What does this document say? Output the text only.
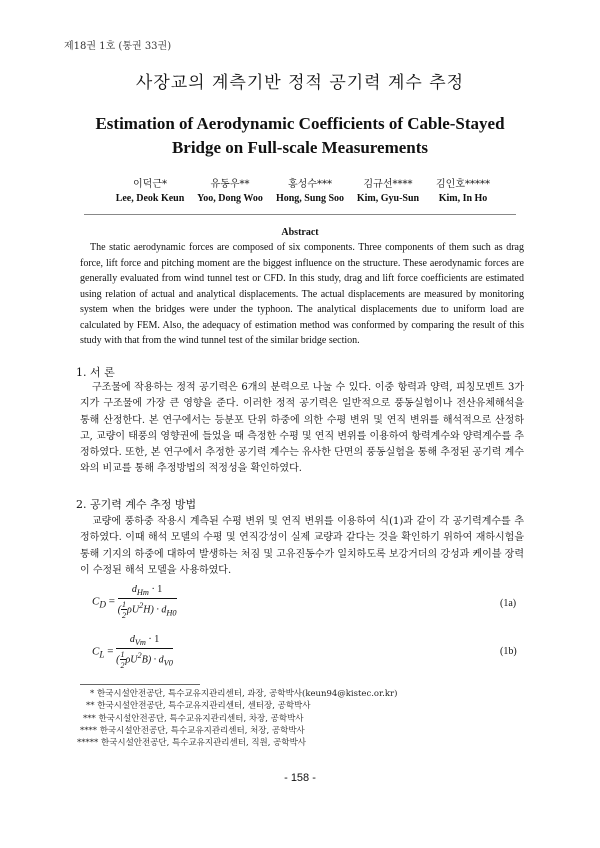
제18권 1호 (통권 33권)
사장교의 계측기반 정적 공기력 계수 추정
Estimation of Aerodynamic Coefficients of Cable-Stayed
Bridge on Full-scale Measurements
이덕근*
Lee, Deok Keun
유동우**
Yoo, Dong Woo
홍성수***
Hong, Sung Soo
김규선****
Kim, Gyu-Sun
김인호*****
Kim, In Ho
Abstract
The static aerodynamic forces are composed of six components. Three components of them such as drag force, lift force and pitching moment are the biggest influence on the structure. These aerodynamic forces are generally evaluated from wind tunnel test or CFD. In this study, drag and lift force coefficients are estimated using relation of actual and analytical displacements. The actual displacements are measured by monitoring system when the bridges were under the typhoon. The analytical displacements due to uniform load are calculated by FEM. Also, the adequacy of estimation method was conformed by comparing the result of this study with that from the wind tunnel test of the similar bridge section.
1. 서 론
구조물에 작용하는 정적 공기력은 6개의 분력으로 나눌 수 있다. 이중 항력과 양력, 피칭모멘트 3가지가 구조물에 가장 큰 영향을 준다. 이러한 정적 공기력은 일반적으로 풍동실험이나 전산유체해석을 통해 산정한다. 본 연구에서는 등분포 단위 하중에 의한 수평 변위 및 연직 변위를 해석적으로 산정하고, 교량이 태풍의 영향권에 들었을 때 측정한 수평 및 연직 변위를 이용하여 항력계수와 양력계수를 추정하였다. 또한, 본 연구에서 추정한 공기력 계수는 유사한 단면의 풍동실험을 통해 추정된 공기력 계수와의 비교를 통해 추정방법의 적정성을 확인하였다.
2. 공기력 계수 추정 방법
교량에 풍하중 작용시 계측된 수평 변위 및 연직 변위를 이용하여 식(1)과 같이 각 공기력계수를 추정하였다. 이때 해석 모델의 수평 및 연직강성이 실제 교량과 같다는 것을 확인하기 위하여 재하시험을 통해 기지의 하중에 대하여 발생하는 처짐 및 고유진동수가 일치하도록 보강거더의 강성과 케이블 장력이 수정된 해석 모델을 사용하였다.
$C_D = \frac{d_{Hm} \cdot 1}{( \frac{1}{2} \rho U^2H) \cdot d_{H0}}$	(1a)
$C_L = \frac{d_{Vm} \cdot 1}{( \frac{1}{2} \rho U^2B) \cdot d_{V0}}$	(1b)
* 한국시설안전공단, 특수교유지관리센터, 과장, 공학박사(keun94@kistec.or.kr)
** 한국시설안전공단, 특수교유지관리센터, 센터장, 공학박사
*** 한국시설안전공단, 특수교유지관리센터, 차장, 공학박사
**** 한국시설안전공단, 특수교유지관리센터, 처장, 공학박사
***** 한국시설안전공단, 특수교유지관리센터, 직원, 공학박사
- 158 -
